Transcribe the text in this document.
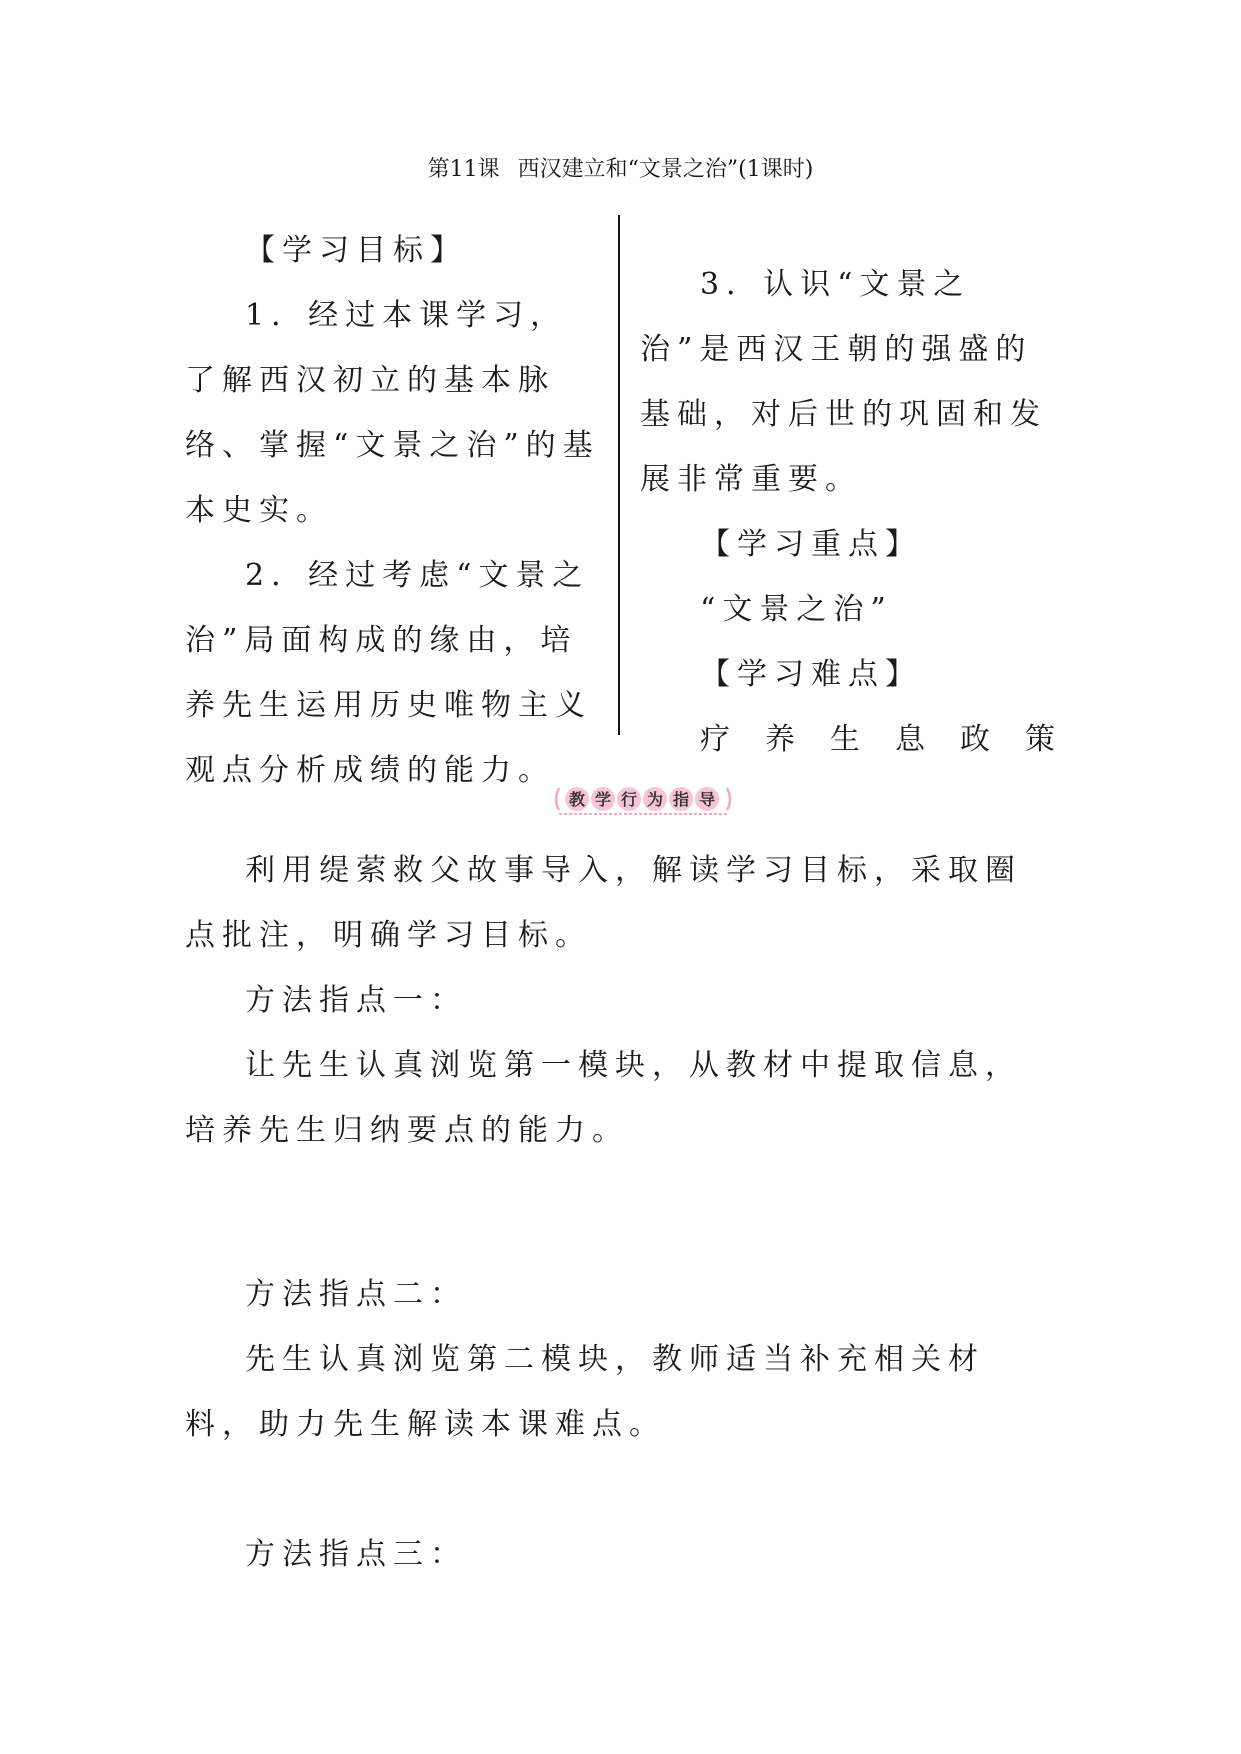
第11课 西汉建立和“文景之治”(1课时)

【学习目标】

1．经过本课学习，了解西汉初立的基本脉络、掌握“文景之治”的基本史实。

2．经过考虑“文景之治”局面构成的缘由，培养先生运用历史唯物主义观点分析成绩的能力。

3．认识“文景之治”是西汉王朝的强盛的基础，对后世的巩固和发展非常重要。

【学习重点】

“文景之治”

【学习难点】

疗 养 生 息 政 策
教 学 行 为 指 导

利用缇萦救父故事导入，解读学习目标，采取圈点批注，明确学习目标。

方法指点一：

让先生认真浏览第一模块，从教材中提取信息，培养先生归纳要点的能力。

方法指点二：

先生认真浏览第二模块，教师适当补充相关材料，助力先生解读本课难点。

方法指点三：
